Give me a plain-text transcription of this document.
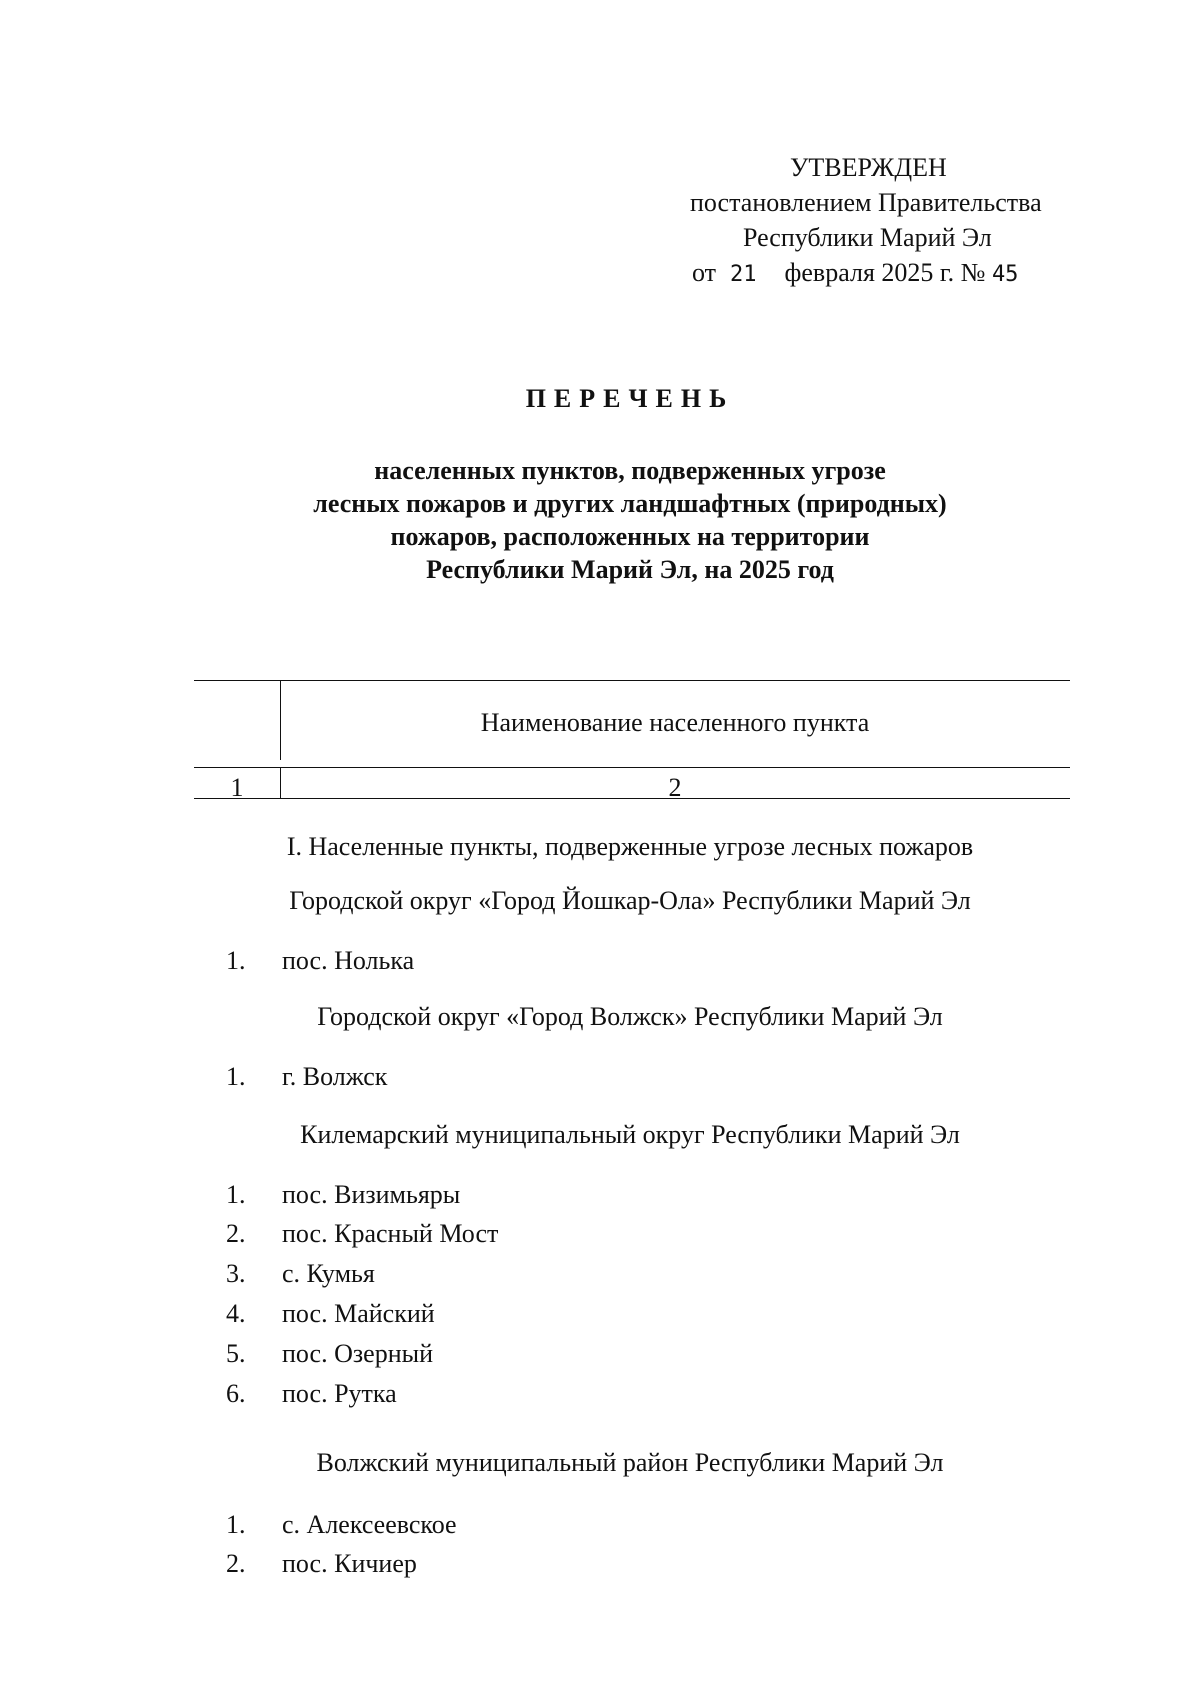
УТВЕРЖДЕН
постановлением Правительства
Республики Марий Эл
от 21 февраля 2025 г. № 45
ПЕРЕЧЕНЬ
населенных пунктов, подверженных угрозе
лесных пожаров и других ландшафтных (природных)
пожаров, расположенных на территории
Республики Марий Эл, на 2025 год
Наименование населенного пункта
1	2
I. Населенные пункты, подверженные угрозе лесных пожаров
Городской округ «Город Йошкар-Ола» Республики Марий Эл
1. пос. Нолька
Городской округ «Город Волжск» Республики Марий Эл
1. г. Волжск
Килемарский муниципальный округ Республики Марий Эл
1. пос. Визимьяры
2. пос. Красный Мост
3. с. Кумья
4. пос. Майский
5. пос. Озерный
6. пос. Рутка
Волжский муниципальный район Республики Марий Эл
1. с. Алексеевское
2. пос. Кичиер
